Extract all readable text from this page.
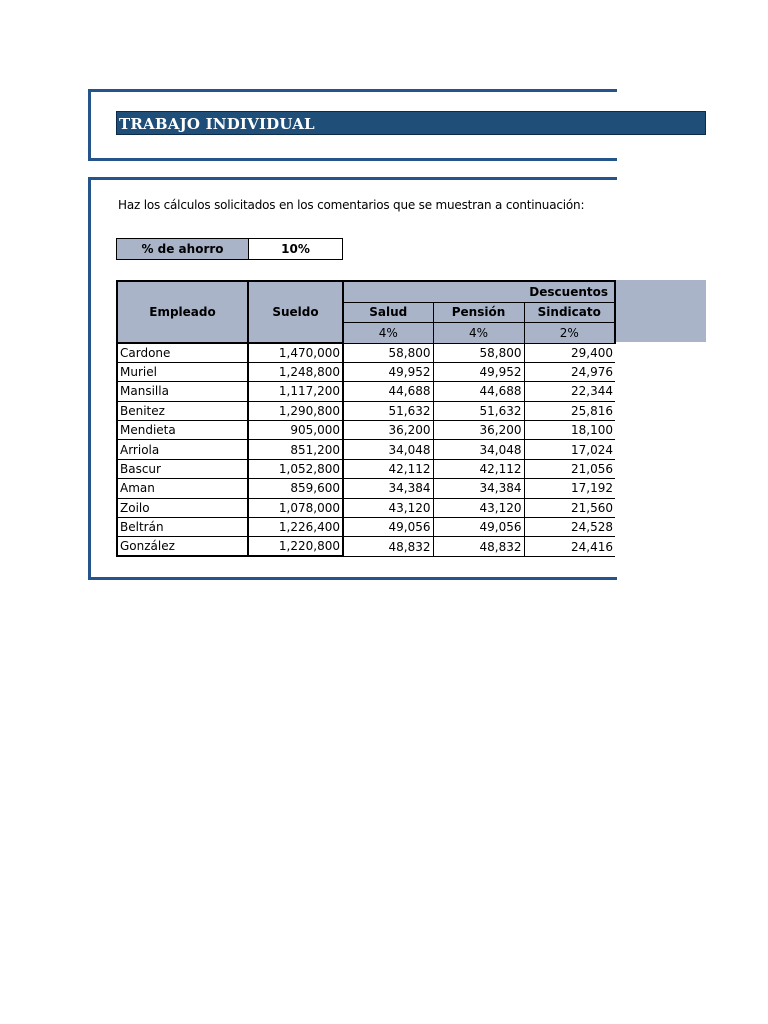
TRABAJO INDIVIDUAL
Haz los cálculos solicitados en los comentarios que se muestran a continuación:
% de ahorro	10%
Empleado	Sueldo	Descuentos		
		Salud	Pensión	Sindicato
		4%	4%	2%
Cardone	1,470,000	58,800	58,800	29,400
Muriel	1,248,800	49,952	49,952	24,976
Mansilla	1,117,200	44,688	44,688	22,344
Benitez	1,290,800	51,632	51,632	25,816
Mendieta	905,000	36,200	36,200	18,100
Arriola	851,200	34,048	34,048	17,024
Bascur	1,052,800	42,112	42,112	21,056
Aman	859,600	34,384	34,384	17,192
Zoilo	1,078,000	43,120	43,120	21,560
Beltrán	1,226,400	49,056	49,056	24,528
González	1,220,800	48,832	48,832	24,416
